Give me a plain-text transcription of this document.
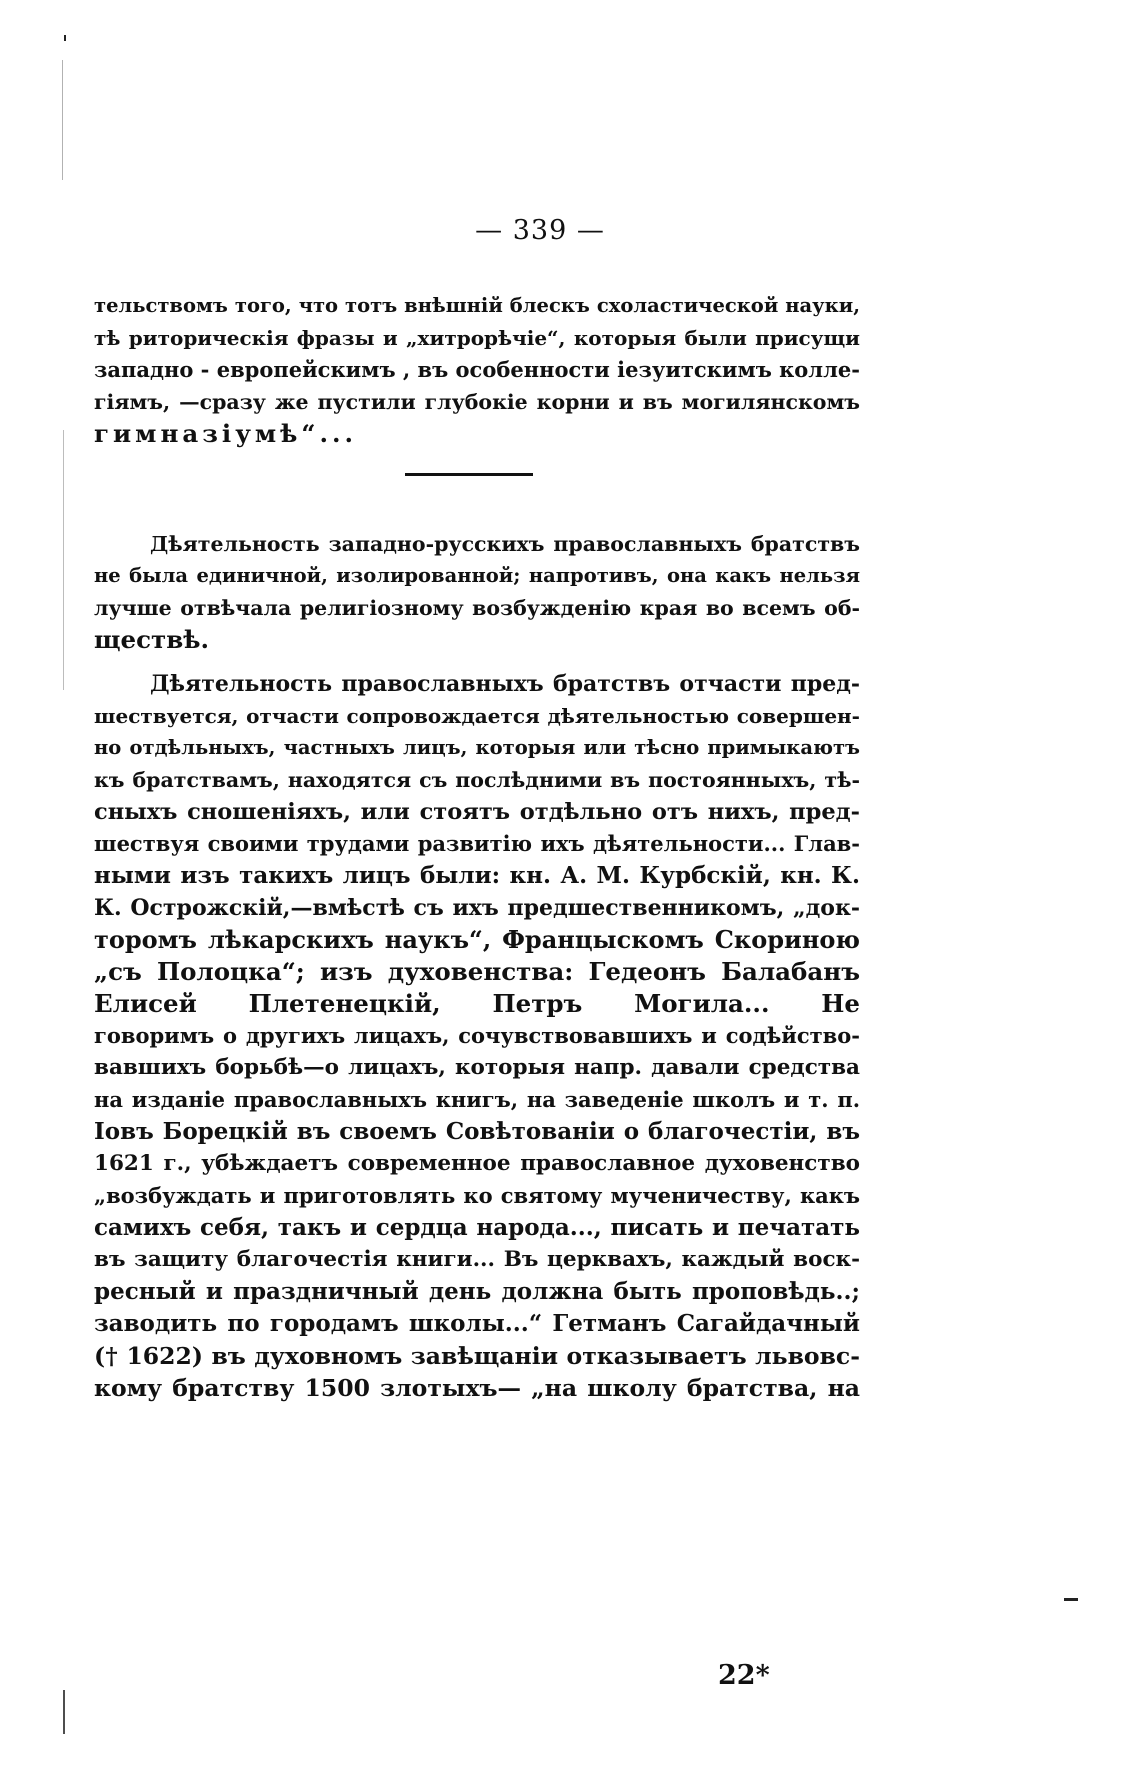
— 339 —
тельствомъ того, что тотъ внѣшній блескъ схоластической науки,
тѣ риторическія фразы и „хитрорѣчіе“, которыя были присущи
западно - европейскимъ , въ особенности іезуитскимъ колле-
гіямъ, —сразу же пустили глубокіе корни и въ могилянскомъ
гимназіумѣ“...
Дѣятельность западно-русскихъ православныхъ братствъ
не была единичной, изолированной; напротивъ, она какъ нельзя
лучше отвѣчала религіозному возбужденію края во всемъ об-
ществѣ.
Дѣятельность православныхъ братствъ отчасти пред-
шествуется, отчасти сопровождается дѣятельностью совершен-
но отдѣльныхъ, частныхъ лицъ, которыя или тѣсно примыкаютъ
къ братствамъ, находятся съ послѣдними въ постоянныхъ, тѣ-
сныхъ сношеніяхъ, или стоятъ отдѣльно отъ нихъ, пред-
шествуя своими трудами развитію ихъ дѣятельности... Глав-
ными изъ такихъ лицъ были: кн. А. М. Курбскій, кн. К.
К. Острожскій,—вмѣстѣ съ ихъ предшественникомъ, „док-
торомъ лѣкарскихъ наукъ“, Францыскомъ Скориною
„съ Полоцка“; изъ духовенства: Гедеонъ Балабанъ
Елисей Плетенецкій, Петръ Могила... Не
говоримъ о другихъ лицахъ, сочувствовавшихъ и содѣйство-
вавшихъ борьбѣ—о лицахъ, которыя напр. давали средства
на изданіе православныхъ книгъ, на заведеніе школъ и т. п.
Іовъ Борецкій въ своемъ Совѣтованіи о благочестіи, въ
1621 г., убѣждаетъ современное православное духовенство
„возбуждать и приготовлять ко святому мученичеству, какъ
самихъ себя, такъ и сердца народа..., писать и печатать
въ защиту благочестія книги... Въ церквахъ, каждый воск-
ресный и праздничный день должна быть проповѣдь..;
заводить по городамъ школы...“ Гетманъ Сагайдачный
(† 1622) въ духовномъ завѣщаніи отказываетъ львовс-
кому братству 1500 злотыхъ— „на школу братства, на
22*
